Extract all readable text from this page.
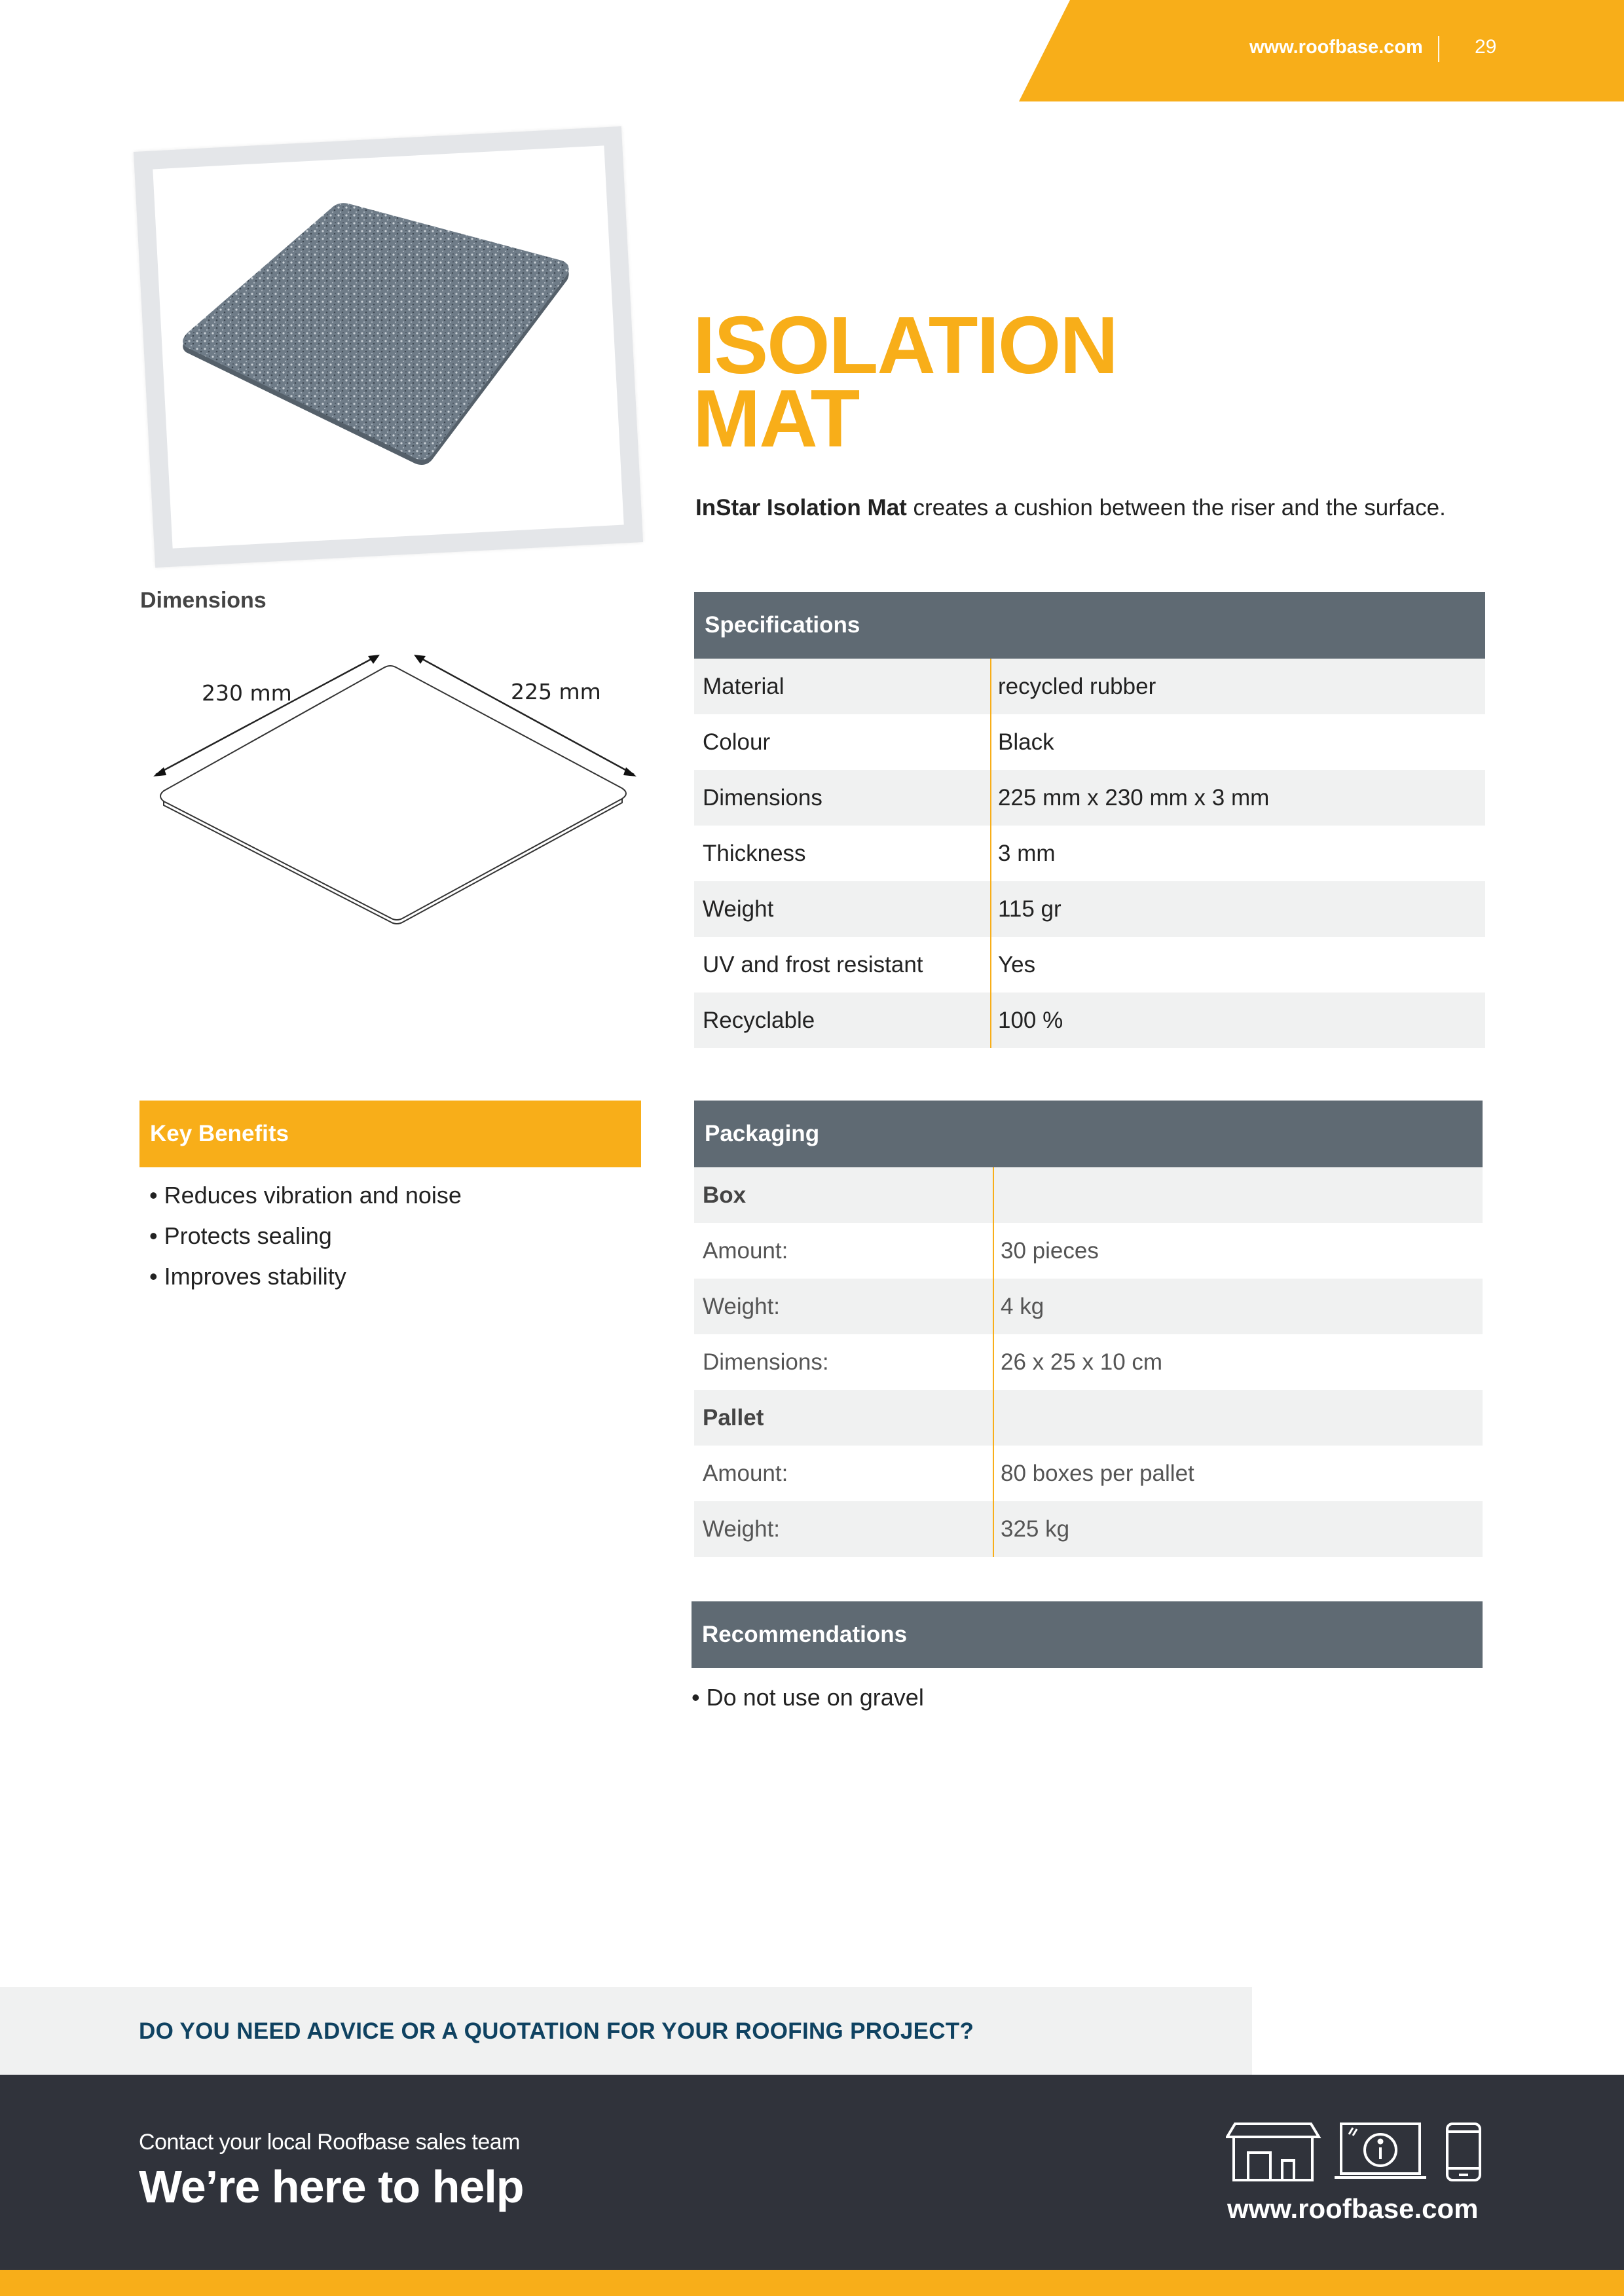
www.roofbase.com	29
ISOLATION
MAT
InStar Isolation Mat creates a cushion between the riser and the surface.
Dimensions
230 mm	225 mm
Specifications
Material	recycled rubber
Colour	Black
Dimensions	225 mm x 230 mm x 3 mm
Thickness	3 mm
Weight	115 gr
UV and frost resistant	Yes
Recyclable	100 %
Key Benefits
• Reduces vibration and noise
• Protects sealing
• Improves stability
Packaging
Box
Amount:	30 pieces
Weight:	4 kg
Dimensions:	26 x 25 x 10 cm
Pallet
Amount:	80 boxes per pallet
Weight:	325 kg
Recommendations
• Do not use on gravel
DO YOU NEED ADVICE OR A QUOTATION FOR YOUR ROOFING PROJECT?
Contact your local Roofbase sales team
We’re here to help	www.roofbase.com
